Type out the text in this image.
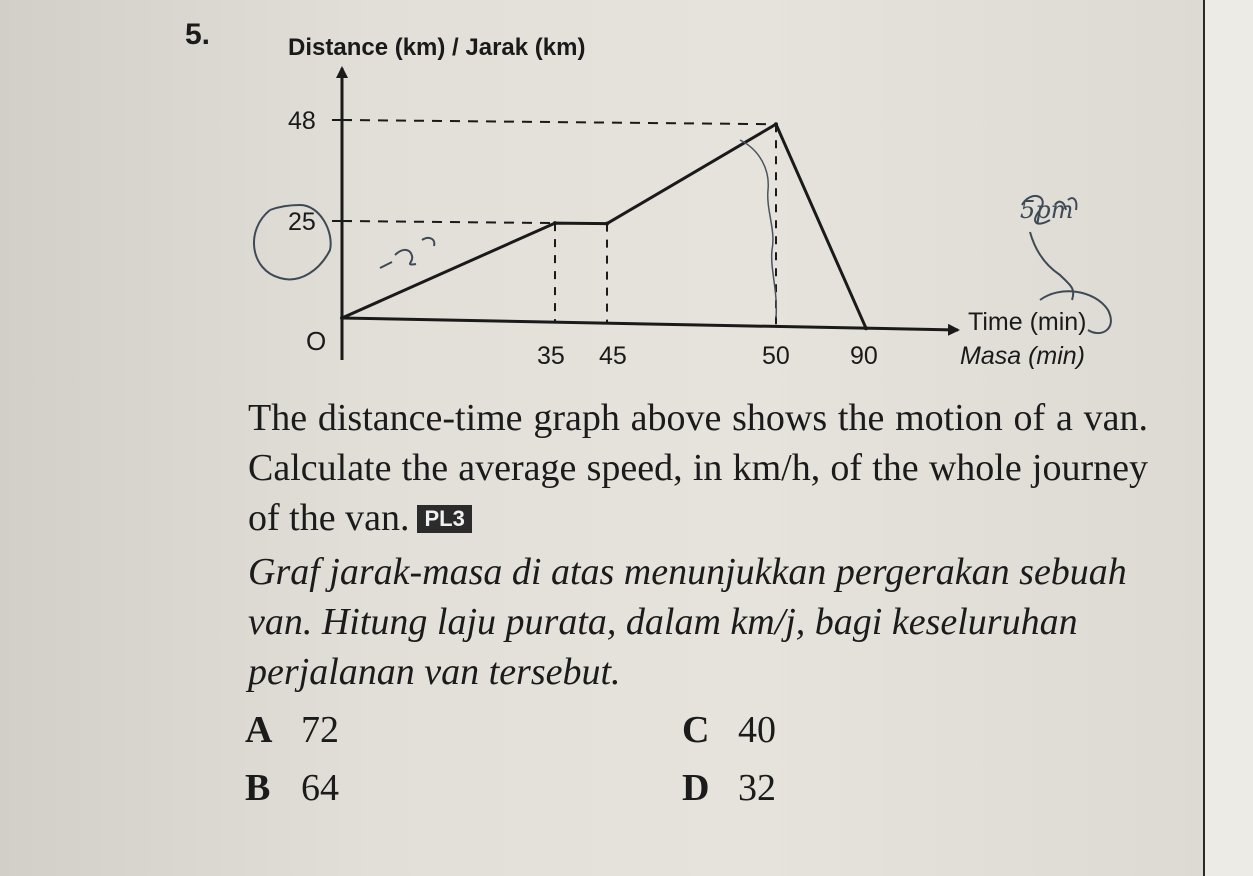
5.	Distance (km) / Jarak (km)
O
Time (min)
Masa (min)
25
48
35 45	50 90
5pm

The distance-time graph above shows the motion of a van. Calculate the average speed, in km/h, of the whole journey of the van. PL3

Graf jarak-masa di atas menunjukkan pergerakan sebuah van. Hitung laju purata, dalam km/j, bagi keseluruhan perjalanan van tersebut.

A 72
B 64
C 40
D 32
